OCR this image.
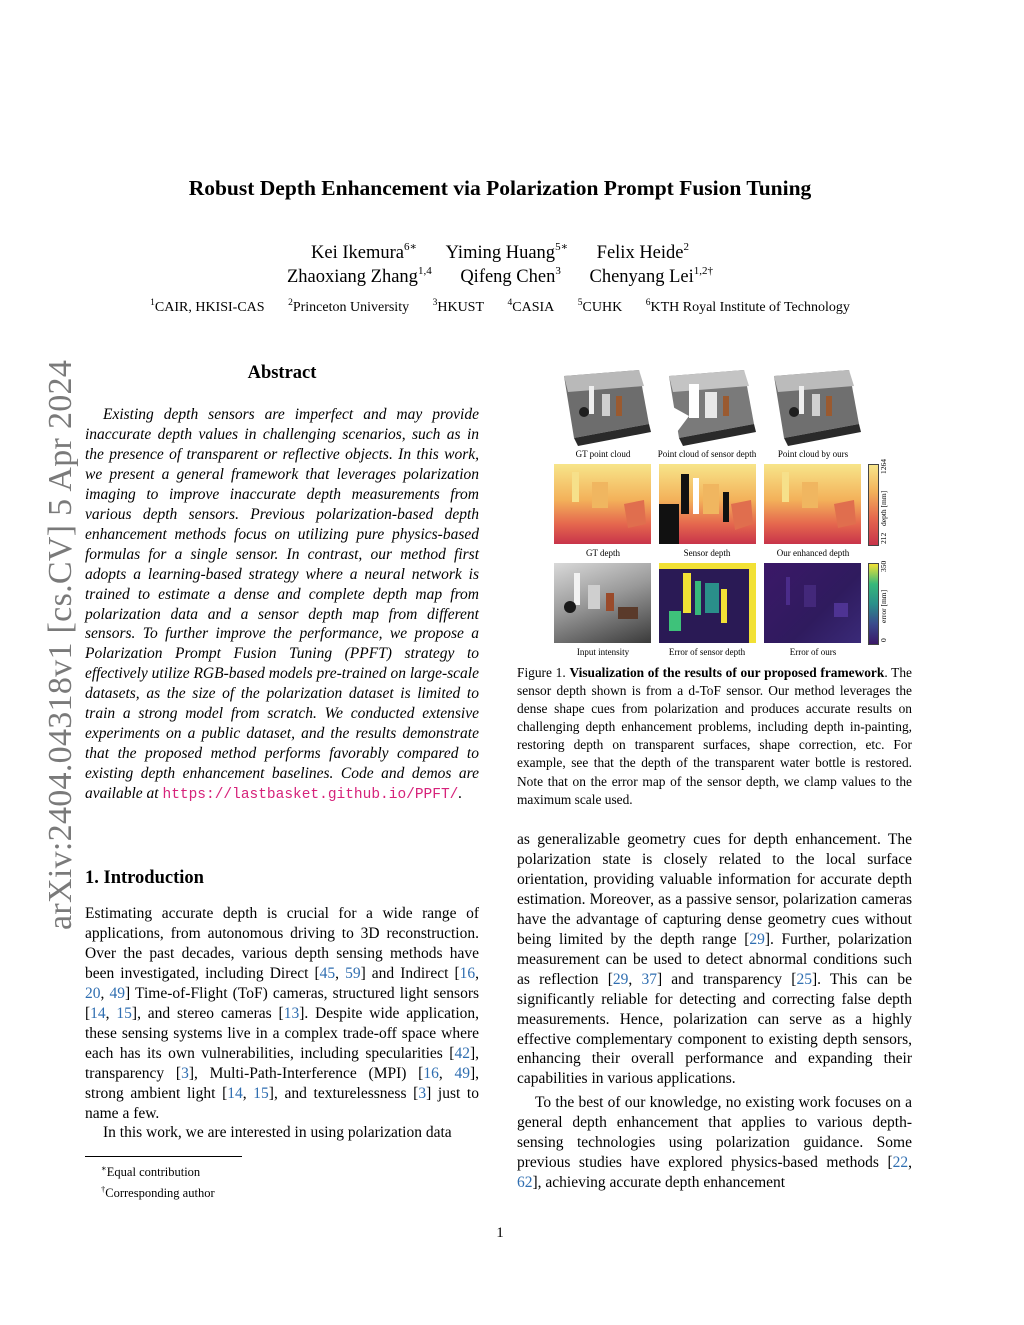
arXiv:2404.04318v1 [cs.CV] 5 Apr 2024
Robust Depth Enhancement via Polarization Prompt Fusion Tuning
Kei Ikemura$^{6∗}$ Yiming Huang$^{5∗}$ Felix Heide$^2$
Zhaoxiang Zhang$^{1,4}$ Qifeng Chen$^3$ Chenyang Lei$^{1,2\dagger}$
$^1$CAIR, HKISI-CAS $^2$Princeton University $^3$HKUST $^4$CASIA $^5$CUHK $^6$KTH Royal Institute of Technology
Abstract

Existing depth sensors are imperfect and may provide inaccurate depth values in challenging scenarios, such as in the presence of transparent or reflective objects. In this work, we present a general framework that leverages polarization imaging to improve inaccurate depth measurements from various depth sensors. Previous polarization-based depth enhancement methods focus on utilizing pure physics-based formulas for a single sensor. In contrast, our method first adopts a learning-based strategy where a neural network is trained to estimate a dense and complete depth map from polarization data and a sensor depth map from different sensors. To further improve the performance, we propose a Polarization Prompt Fusion Tuning (PPFT) strategy to effectively utilize RGB-based models pre-trained on large-scale datasets, as the size of the polarization dataset is limited to train a strong model from scratch. We conducted extensive experiments on a public dataset, and the results demonstrate that the proposed method performs favorably compared to existing depth enhancement baselines. Code and demos are available at https://lastbasket.github.io/PPFT/.

1. Introduction

Estimating accurate depth is crucial for a wide range of applications, from autonomous driving to 3D reconstruction. Over the past decades, various depth sensing methods have been investigated, including Direct [45, 59] and Indirect [16, 20, 49] Time-of-Flight (ToF) cameras, structured light sensors [14, 15], and stereo cameras [13]. Despite wide application, these sensing systems live in a complex trade-off space where each has its own vulnerabilities, including specularities [42], transparency [3], Multi-Path-Interference (MPI) [16, 49], strong ambient light [14, 15], and texturelessness [3] just to name a few.

In this work, we are interested in using polarization data

∗Equal contribution

†Corresponding author

GT point cloud	Point cloud of sensor depth	Point cloud by ours
1264
depth [mm]
212
GT depth	Sensor depth	Our enhanced depth
350
error [mm]
0
Input intensity	Error of sensor depth	Error of ours

Figure 1. Visualization of the results of our proposed framework. The sensor depth shown is from a d-ToF sensor. Our method leverages the dense shape cues from polarization and produces accurate results on challenging depth enhancement problems, including depth in-painting, restoring depth on transparent surfaces, shape correction, etc. For example, see that the depth of the transparent water bottle is restored. Note that on the error map of the sensor depth, we clamp values to the maximum scale used.

as generalizable geometry cues for depth enhancement. The polarization state is closely related to the local surface orientation, providing valuable information for accurate depth estimation. Moreover, as a passive sensor, polarization cameras have the advantage of capturing dense geometry cues without being limited by the depth range [29]. Further, polarization measurement can be used to detect abnormal conditions such as reflection [29, 37] and transparency [25]. This can be significantly reliable for detecting and correcting false depth measurements. Hence, polarization can serve as a highly effective complementary component to existing depth sensors, enhancing their overall performance and expanding their capabilities in various applications.

To the best of our knowledge, no existing work focuses on a general depth enhancement that applies to various depth-sensing technologies using polarization guidance. Some previous studies have explored physics-based methods [22, 62], achieving accurate depth enhancement

1
